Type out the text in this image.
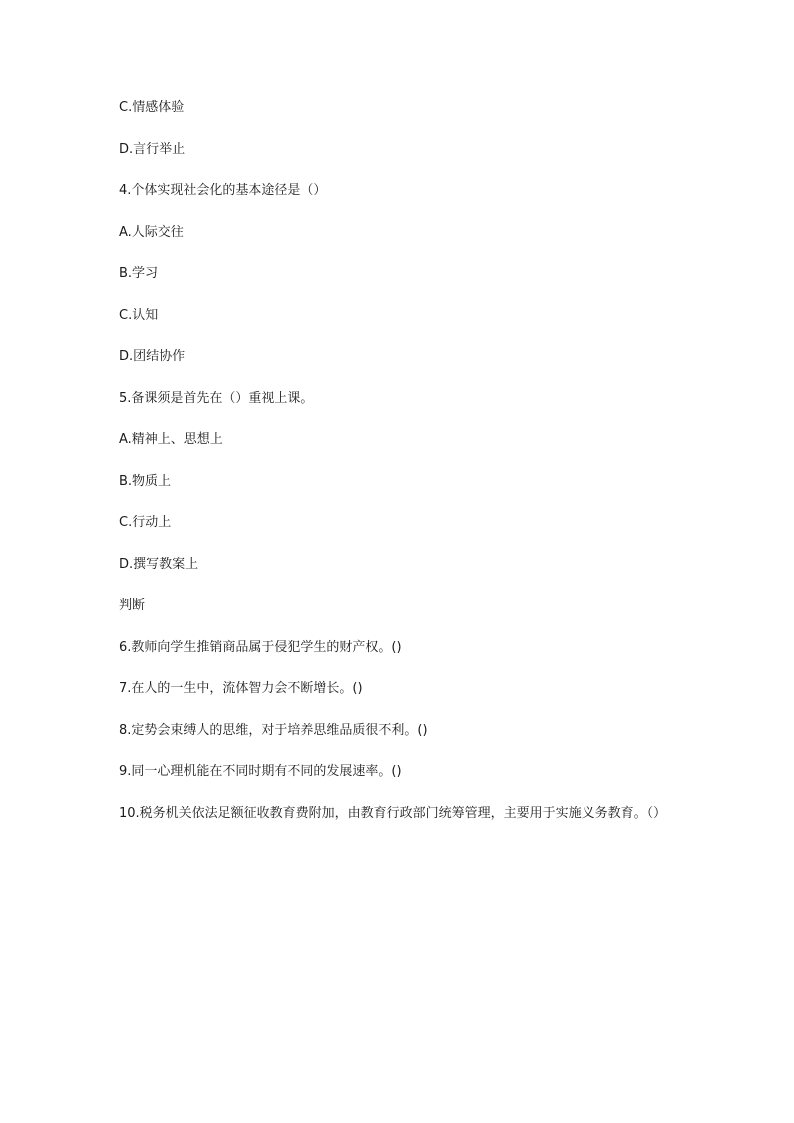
C.情感体验
D.言行举止
4.个体实现社会化的基本途径是（）
A.人际交往
B.学习
C.认知
D.团结协作
5.备课须是首先在（）重视上课。
A.精神上、思想上
B.物质上
C.行动上
D.撰写教案上
判断
6.教师向学生推销商品属于侵犯学生的财产权。()
7.在人的一生中，流体智力会不断增长。()
8.定势会束缚人的思维，对于培养思维品质很不利。()
9.同一心理机能在不同时期有不同的发展速率。()
10.税务机关依法足额征收教育费附加，由教育行政部门统筹管理，主要用于实施义务教育。（）
